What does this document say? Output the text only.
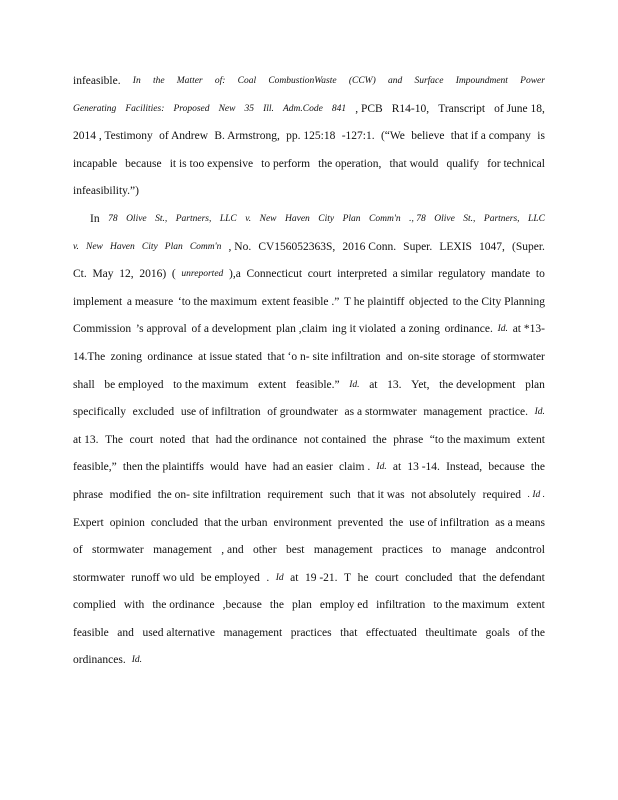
infeasible. In the Matter of: Coal CombustionWaste (CCW) and Surface Impoundment Power
Generating Facilities: Proposed New 35 Ill. Adm.Code 841 , PCB R14-10, Transcript of June 18,
2014 , Testimony of Andrew B. Armstrong, pp. 125:18 -127:1. (“We believe that if a company is
incapable because it is too expensive to perform the operation, that would qualify for technical
infeasibility.”)
In 78 Olive St., Partners, LLC v. New Haven City Plan Comm'n ., 78 Olive St., Partners, LLC
v. New Haven City Plan Comm'n , No. CV156052363S, 2016 Conn. Super. LEXIS 1047, (Super.
Ct. May 12, 2016) ( unreported ),a Connecticut court interpreted a similar regulatory mandate to
implement a measure ‘to the maximum extent feasible .” T he plaintiff objected to the City Planning
Commission ’s approval of a development plan ,claim ing it violated a zoning ordinance. Id. at *13-
14.The zoning ordinance at issue stated that ‘o n- site infiltration and on-site storage of stormwater
shall be employed to the maximum extent feasible.” Id. at 13. Yet, the development plan
specifically excluded use of infiltration of groundwater as a stormwater management practice. Id.
at 13. The court noted that had the ordinance not contained the phrase “to the maximum extent
feasible,” then the plaintiffs would have had an easier claim . Id. at 13 -14. Instead, because the
phrase modified the on- site infiltration requirement such that it was not absolutely required . Id .
Expert opinion concluded that the urban environment prevented the use of infiltration as a means
of stormwater management , and other best management practices to manage andcontrol
stormwater runoff wo uld be employed . Id at 19 -21. T he court concluded that the defendant
complied with the ordinance ,because the plan employ ed infiltration to the maximum extent
feasible and used alternative management practices that effectuated theultimate goals of the
ordinances. Id.
